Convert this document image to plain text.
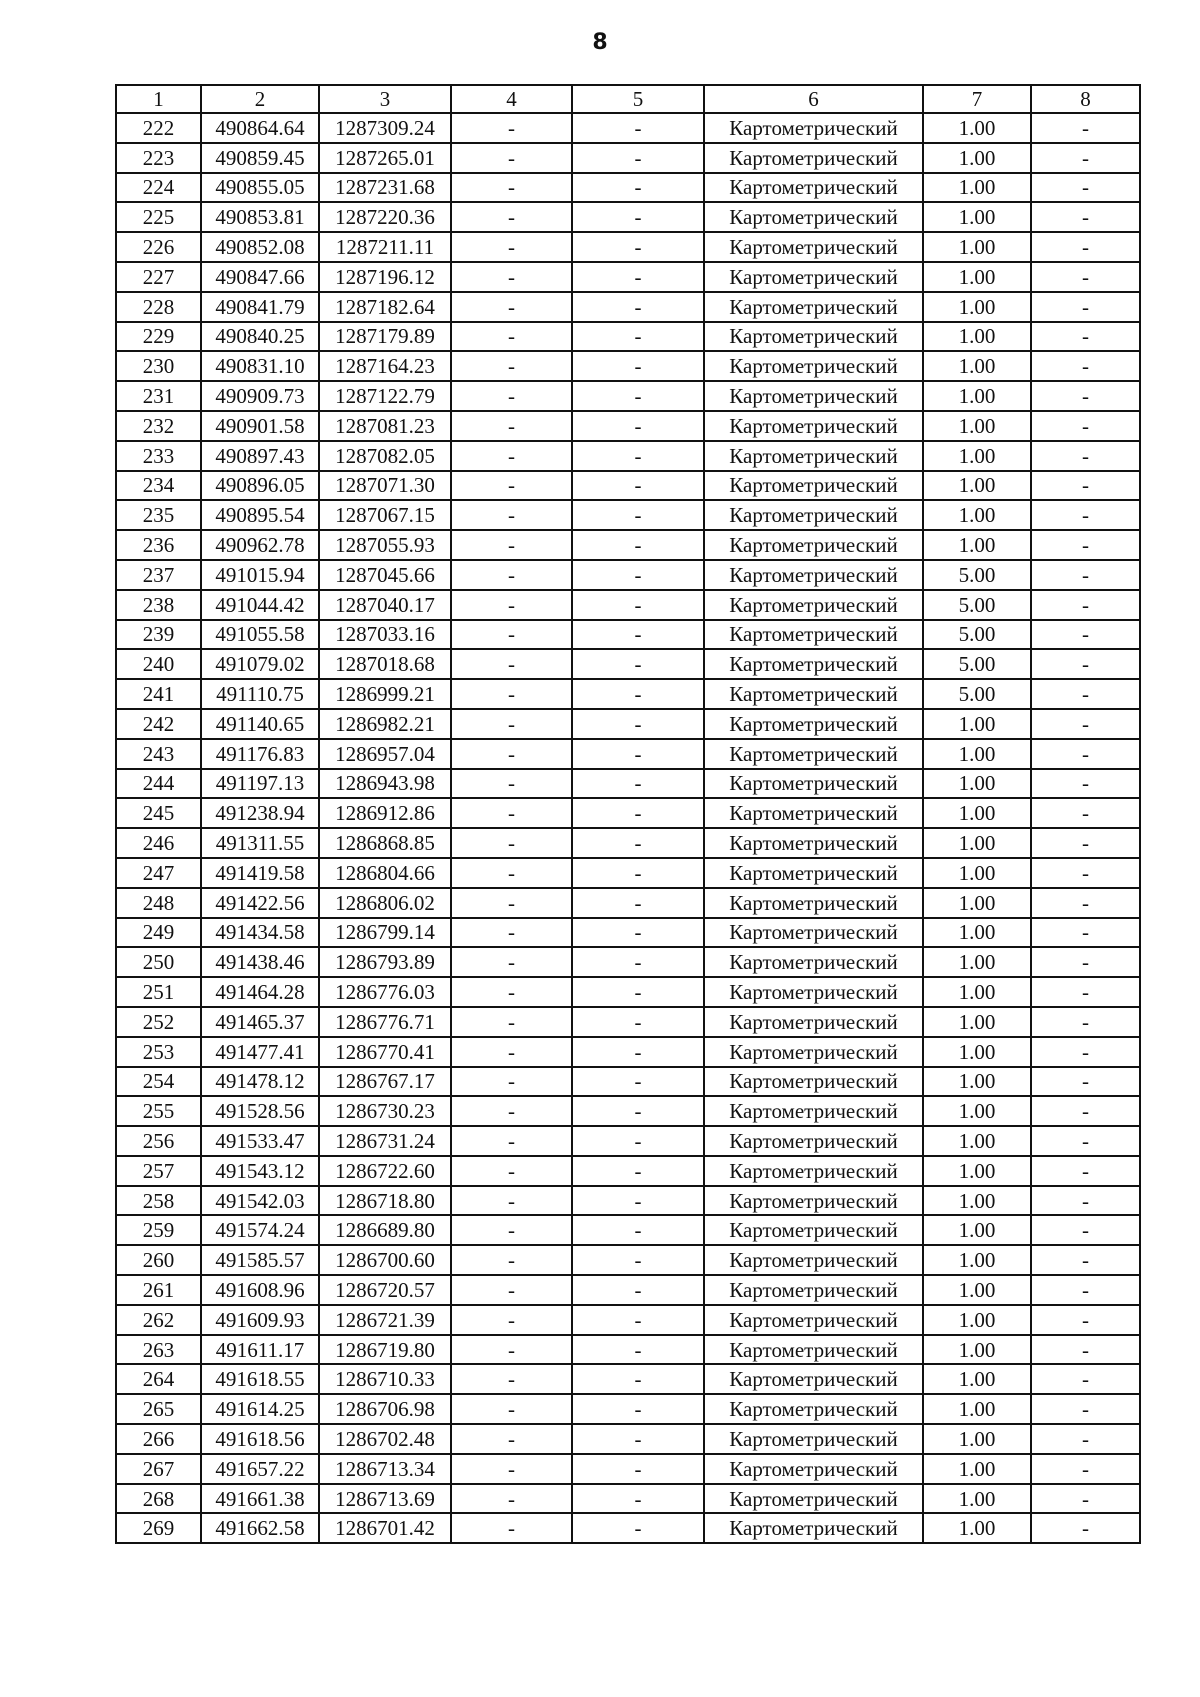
8
1	2	3	4	5	6	7	8
222	490864.64	1287309.24	-	-	Картометрический	1.00	-
223	490859.45	1287265.01	-	-	Картометрический	1.00	-
224	490855.05	1287231.68	-	-	Картометрический	1.00	-
225	490853.81	1287220.36	-	-	Картометрический	1.00	-
226	490852.08	1287211.11	-	-	Картометрический	1.00	-
227	490847.66	1287196.12	-	-	Картометрический	1.00	-
228	490841.79	1287182.64	-	-	Картометрический	1.00	-
229	490840.25	1287179.89	-	-	Картометрический	1.00	-
230	490831.10	1287164.23	-	-	Картометрический	1.00	-
231	490909.73	1287122.79	-	-	Картометрический	1.00	-
232	490901.58	1287081.23	-	-	Картометрический	1.00	-
233	490897.43	1287082.05	-	-	Картометрический	1.00	-
234	490896.05	1287071.30	-	-	Картометрический	1.00	-
235	490895.54	1287067.15	-	-	Картометрический	1.00	-
236	490962.78	1287055.93	-	-	Картометрический	1.00	-
237	491015.94	1287045.66	-	-	Картометрический	5.00	-
238	491044.42	1287040.17	-	-	Картометрический	5.00	-
239	491055.58	1287033.16	-	-	Картометрический	5.00	-
240	491079.02	1287018.68	-	-	Картометрический	5.00	-
241	491110.75	1286999.21	-	-	Картометрический	5.00	-
242	491140.65	1286982.21	-	-	Картометрический	1.00	-
243	491176.83	1286957.04	-	-	Картометрический	1.00	-
244	491197.13	1286943.98	-	-	Картометрический	1.00	-
245	491238.94	1286912.86	-	-	Картометрический	1.00	-
246	491311.55	1286868.85	-	-	Картометрический	1.00	-
247	491419.58	1286804.66	-	-	Картометрический	1.00	-
248	491422.56	1286806.02	-	-	Картометрический	1.00	-
249	491434.58	1286799.14	-	-	Картометрический	1.00	-
250	491438.46	1286793.89	-	-	Картометрический	1.00	-
251	491464.28	1286776.03	-	-	Картометрический	1.00	-
252	491465.37	1286776.71	-	-	Картометрический	1.00	-
253	491477.41	1286770.41	-	-	Картометрический	1.00	-
254	491478.12	1286767.17	-	-	Картометрический	1.00	-
255	491528.56	1286730.23	-	-	Картометрический	1.00	-
256	491533.47	1286731.24	-	-	Картометрический	1.00	-
257	491543.12	1286722.60	-	-	Картометрический	1.00	-
258	491542.03	1286718.80	-	-	Картометрический	1.00	-
259	491574.24	1286689.80	-	-	Картометрический	1.00	-
260	491585.57	1286700.60	-	-	Картометрический	1.00	-
261	491608.96	1286720.57	-	-	Картометрический	1.00	-
262	491609.93	1286721.39	-	-	Картометрический	1.00	-
263	491611.17	1286719.80	-	-	Картометрический	1.00	-
264	491618.55	1286710.33	-	-	Картометрический	1.00	-
265	491614.25	1286706.98	-	-	Картометрический	1.00	-
266	491618.56	1286702.48	-	-	Картометрический	1.00	-
267	491657.22	1286713.34	-	-	Картометрический	1.00	-
268	491661.38	1286713.69	-	-	Картометрический	1.00	-
269	491662.58	1286701.42	-	-	Картометрический	1.00	-
